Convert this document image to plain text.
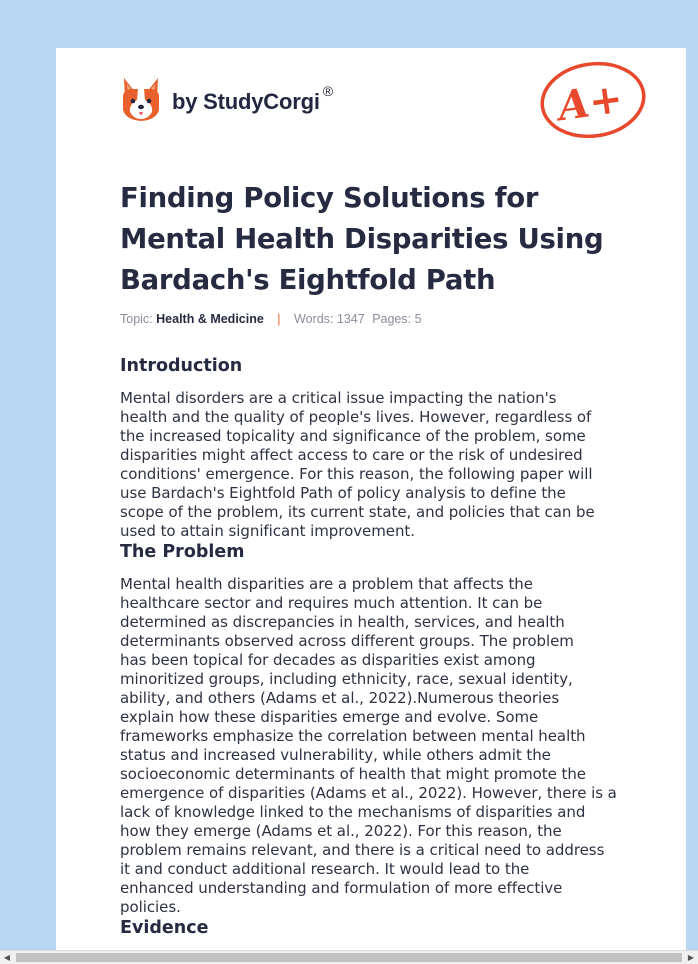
by StudyCorgi ®	A+
Finding Policy Solutions for Mental Health Disparities Using Bardach's Eightfold Path
Topic: Health & Medicine | Words: 1347 Pages: 5
Introduction

Mental disorders are a critical issue impacting the nation's
health and the quality of people's lives. However, regardless of
the increased topicality and significance of the problem, some
disparities might affect access to care or the risk of undesired
conditions' emergence. For this reason, the following paper will
use Bardach's Eightfold Path of policy analysis to define the
scope of the problem, its current state, and policies that can be
used to attain significant improvement.

The Problem

Mental health disparities are a problem that affects the
healthcare sector and requires much attention. It can be
determined as discrepancies in health, services, and health
determinants observed across different groups. The problem
has been topical for decades as disparities exist among
minoritized groups, including ethnicity, race, sexual identity,
ability, and others (Adams et al., 2022).Numerous theories
explain how these disparities emerge and evolve. Some
frameworks emphasize the correlation between mental health
status and increased vulnerability, while others admit the
socioeconomic determinants of health that might promote the
emergence of disparities (Adams et al., 2022). However, there is a
lack of knowledge linked to the mechanisms of disparities and
how they emerge (Adams et al., 2022). For this reason, the
problem remains relevant, and there is a critical need to address
it and conduct additional research. It would lead to the
enhanced understanding and formulation of more effective
policies.

Evidence
◀	▶
